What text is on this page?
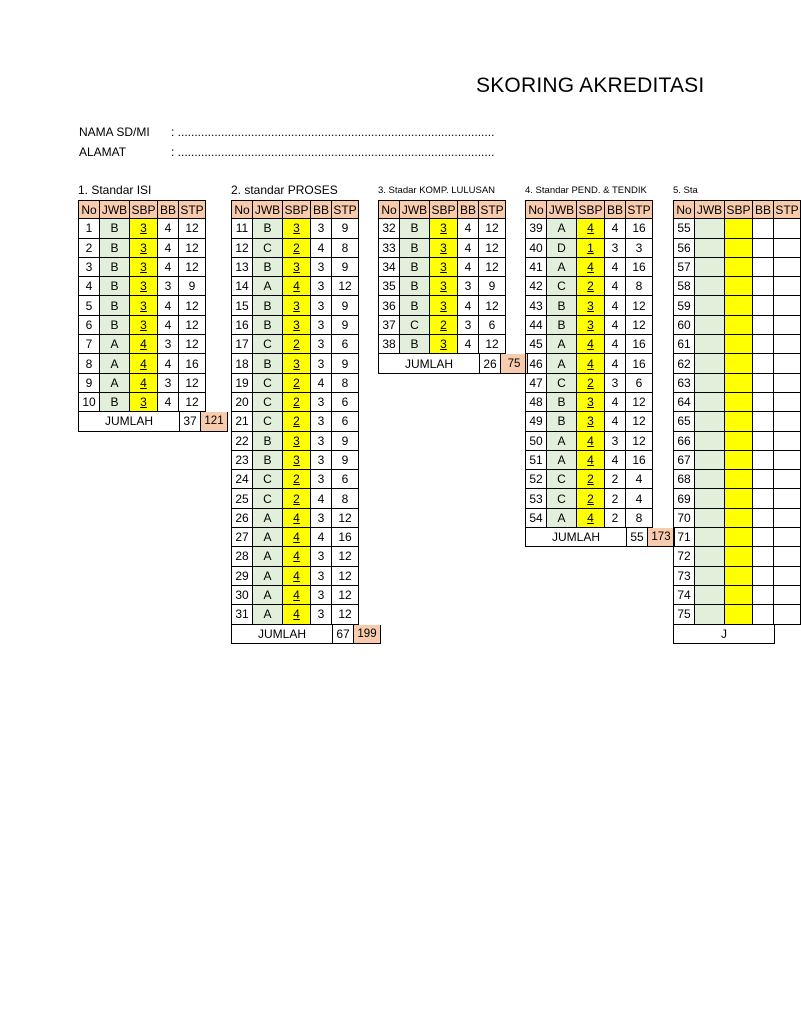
SKORING AKREDITASI
NAMA SD/MI : ...............................................................................................
ALAMAT	: ...............................................................................................
1. Standar ISI
No JWB SBP BB STP
1	B	3	4	12
2	B	3	4	12
3	B	3	4	12
4	B	3	3	9
5	B	3	4	12
6	B	3	4	12
7	A	4	3	12
8	A	4	4	16
9	A	4	3	12
10	B	3	4	12
JUMLAH	37 121
2. standar PROSES
No JWB SBP BB STP
11	B	3	3	9
12	C	2	4	8
13	B	3	3	9
14	A	4	3	12
15	B	3	3	9
16	B	3	3	9
17	C	2	3	6
18	B	3	3	9
19	C	2	4	8
20	C	2	3	6
21	C	2	3	6
22	B	3	3	9
23	B	3	3	9
24	C	2	3	6
25	C	2	4	8
26	A	4	3	12
27	A	4	4	16
28	A	4	3	12
29	A	4	3	12
30	A	4	3	12
31	A	4	3	12
JUMLAH	67 199
3. Stadar KOMP. LULUSAN
No JWB SBP BB STP
32	B	3	4	12
33	B	3	4	12
34	B	3	4	12
35	B	3	3	9
36	B	3	4	12
37	C	2	3	6
38	B	3	4	12
JUMLAH	26 75
4. Standar PEND. & TENDIK
No JWB SBP BB STP
39	A	4	4	16
40	D	1	3	3
41	A	4	4	16
42	C	2	4	8
43	B	3	4	12
44	B	3	4	12
45	A	4	4	16
46	A	4	4	16
47	C	2	3	6
48	B	3	4	12
49	B	3	4	12
50	A	4	3	12
51	A	4	4	16
52	C	2	2	4
53	C	2	2	4
54	A	4	2	8
JUMLAH	55 173
5. Sta
No JWB SBP BB STP
55
56
57
58
59
60
61
62
63
64
65
66
67
68
69
70
71
72
73
74
75
J
